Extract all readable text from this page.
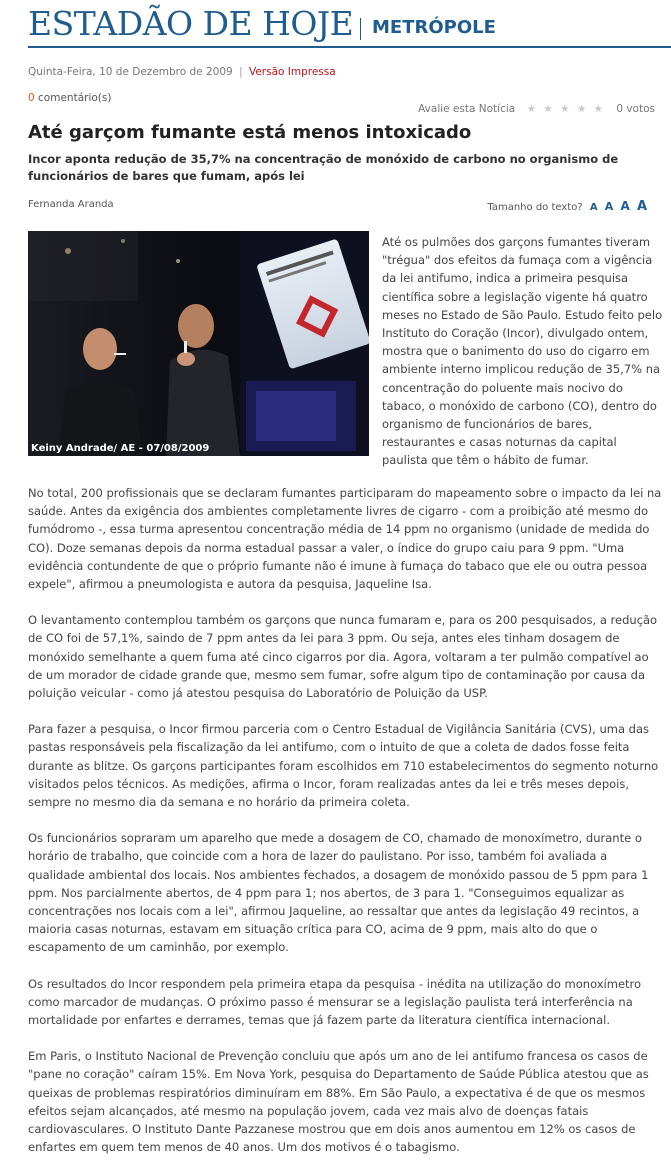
ESTADÃO DE HOJE METRÓPOLE
Quinta-Feira, 10 de Dezembro de 2009 | Versão Impressa
0 comentário(s)
Avalie esta Notícia ★ ★ ★ ★ ★ 0 votos
Até garçom fumante está menos intoxicado
Incor aponta redução de 35,7% na concentração de monóxido de carbono no organismo de funcionários de bares que fumam, após lei
Fernanda Aranda	Tamanho do texto? A A A A
Keiny Andrade/ AE - 07/08/2009
Até os pulmões dos garçons fumantes tiveram "trégua" dos efeitos da fumaça com a vigência da lei antifumo, indica a primeira pesquisa científica sobre a legislação vigente há quatro meses no Estado de São Paulo. Estudo feito pelo Instituto do Coração (Incor), divulgado ontem, mostra que o banimento do uso do cigarro em ambiente interno implicou redução de 35,7% na concentração do poluente mais nocivo do tabaco, o monóxido de carbono (CO), dentro do organismo de funcionários de bares, restaurantes e casas noturnas da capital paulista que têm o hábito de fumar.

No total, 200 profissionais que se declaram fumantes participaram do mapeamento sobre o impacto da lei na saúde. Antes da exigência dos ambientes completamente livres de cigarro - com a proibição até mesmo do fumódromo -, essa turma apresentou concentração média de 14 ppm no organismo (unidade de medida do CO). Doze semanas depois da norma estadual passar a valer, o índice do grupo caiu para 9 ppm. "Uma evidência contundente de que o próprio fumante não é imune à fumaça do tabaco que ele ou outra pessoa expele", afirmou a pneumologista e autora da pesquisa, Jaqueline Isa.

O levantamento contemplou também os garçons que nunca fumaram e, para os 200 pesquisados, a redução de CO foi de 57,1%, saindo de 7 ppm antes da lei para 3 ppm. Ou seja, antes eles tinham dosagem de monóxido semelhante a quem fuma até cinco cigarros por dia. Agora, voltaram a ter pulmão compatível ao de um morador de cidade grande que, mesmo sem fumar, sofre algum tipo de contaminação por causa da poluição veicular - como já atestou pesquisa do Laboratório de Poluição da USP.

Para fazer a pesquisa, o Incor firmou parceria com o Centro Estadual de Vigilância Sanitária (CVS), uma das pastas responsáveis pela fiscalização da lei antifumo, com o intuito de que a coleta de dados fosse feita durante as blitze. Os garçons participantes foram escolhidos em 710 estabelecimentos do segmento noturno visitados pelos técnicos. As medições, afirma o Incor, foram realizadas antes da lei e três meses depois, sempre no mesmo dia da semana e no horário da primeira coleta.

Os funcionários sopraram um aparelho que mede a dosagem de CO, chamado de monoxímetro, durante o horário de trabalho, que coincide com a hora de lazer do paulistano. Por isso, também foi avaliada a qualidade ambiental dos locais. Nos ambientes fechados, a dosagem de monóxido passou de 5 ppm para 1 ppm. Nos parcialmente abertos, de 4 ppm para 1; nos abertos, de 3 para 1. "Conseguimos equalizar as concentrações nos locais com a lei", afirmou Jaqueline, ao ressaltar que antes da legislação 49 recintos, a maioria casas noturnas, estavam em situação crítica para CO, acima de 9 ppm, mais alto do que o escapamento de um caminhão, por exemplo.

Os resultados do Incor respondem pela primeira etapa da pesquisa - inédita na utilização do monoxímetro como marcador de mudanças. O próximo passo é mensurar se a legislação paulista terá interferência na mortalidade por enfartes e derrames, temas que já fazem parte da literatura científica internacional.

Em Paris, o Instituto Nacional de Prevenção concluiu que após um ano de lei antifumo francesa os casos de "pane no coração" caíram 15%. Em Nova York, pesquisa do Departamento de Saúde Pública atestou que as queixas de problemas respiratórios diminuíram em 88%. Em São Paulo, a expectativa é de que os mesmos efeitos sejam alcançados, até mesmo na população jovem, cada vez mais alvo de doenças fatais cardiovasculares. O Instituto Dante Pazzanese mostrou que em dois anos aumentou em 12% os casos de enfartes em quem tem menos de 40 anos. Um dos motivos é o tabagismo.
